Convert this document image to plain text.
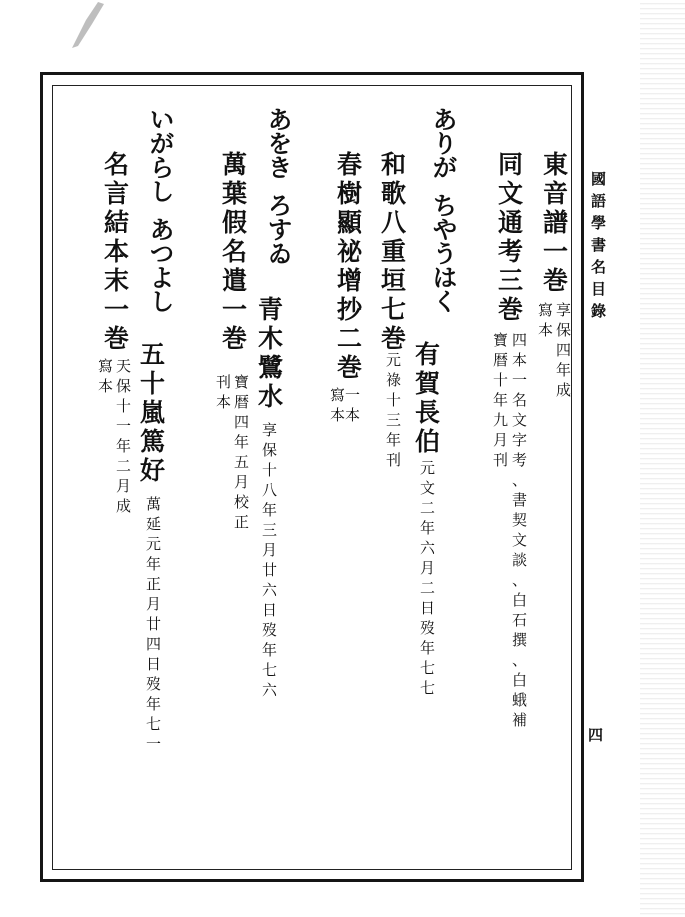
國
語
學
書
名
目
錄
四
東
音
譜
一
巻
享
保
四
年
成
寫
本
同
文
通
考
三
巻
四
本
一
名
文
字
考
、
書
契
文
談
、
白
石
撰
、
白
蛾
補
寶
暦
十
年
九
月
刊
あ
り
が
ち
や
う
は
く
有
賀
長
伯
元
文
二
年
六
月
二
日
歿
年
七
七
和
歌
八
重
垣
七
巻
元
祿
十
三
年
刊
春
樹
顯
祕
增
抄
二
巻
一
本
寫
本
あ
を
き
ろ
す
ゐ
青
木
鷺
水
享
保
十
八
年
三
月
廿
六
日
歿
年
七
六
萬
葉
假
名
遣
一
巻
寶
暦
四
年
五
月
校
正
刊
本
い
が
ら
し
あ
つ
よ
し
五
十
嵐
篤
好
萬
延
元
年
正
月
廿
四
日
歿
年
七
一
名
言
結
本
末
一
巻
天
保
十
一
年
二
月
成
寫
本
